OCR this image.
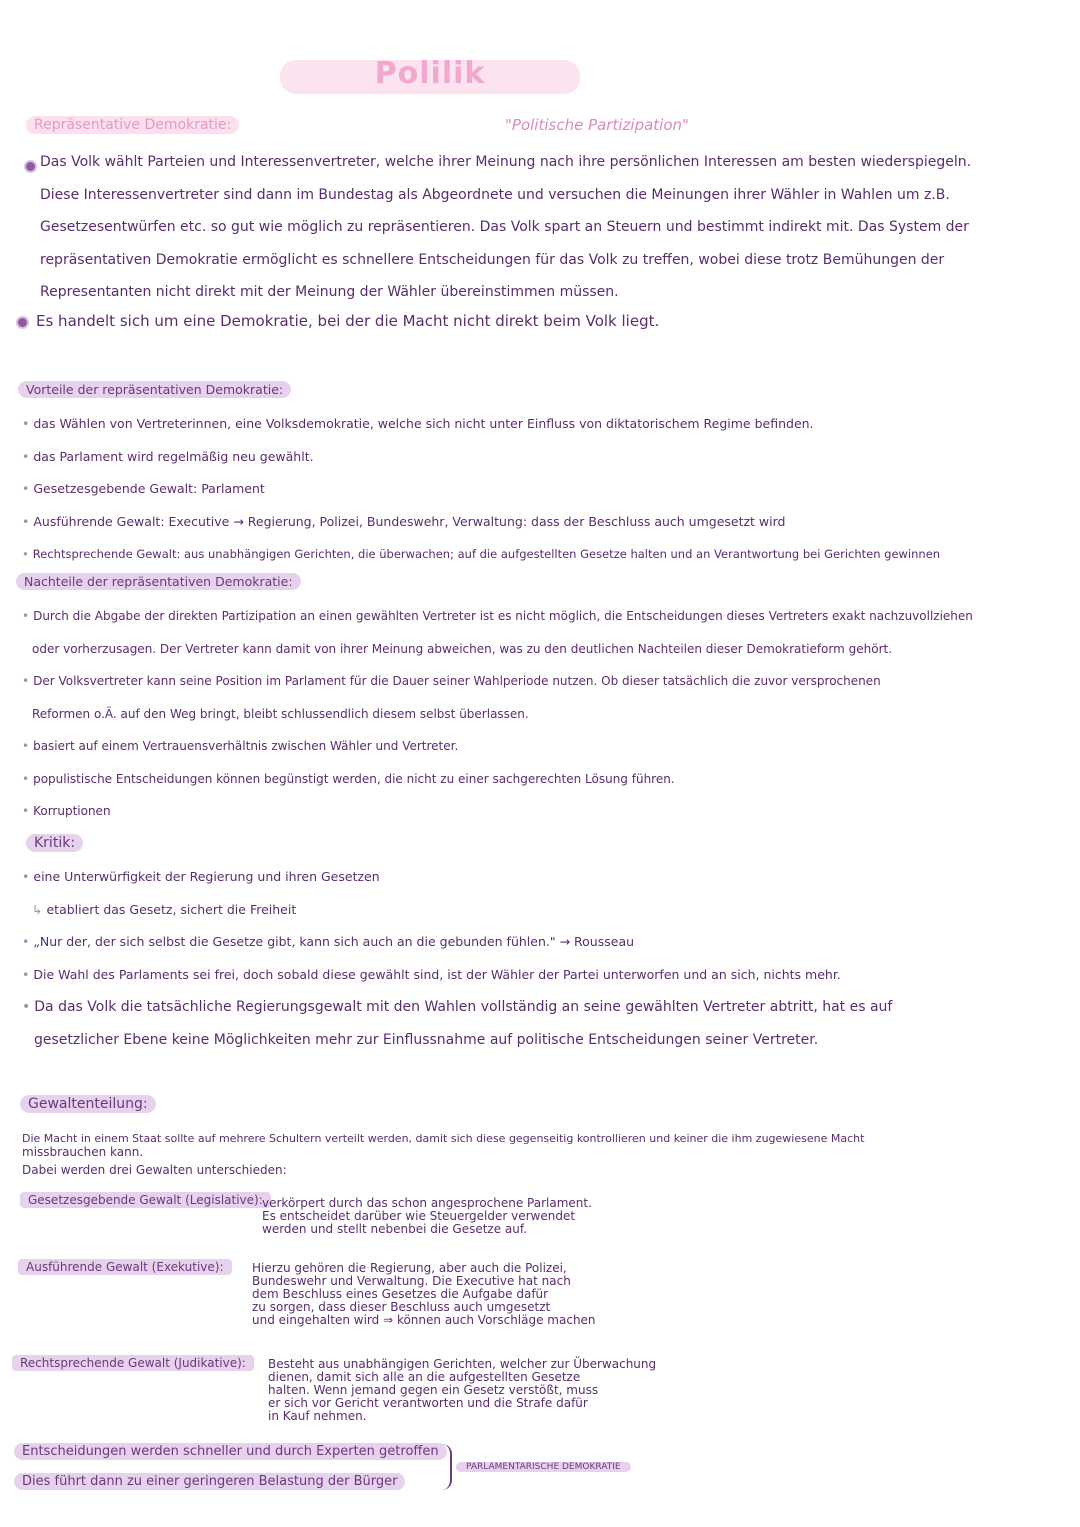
Polilik
"Politische Partizipation"
Repräsentative Demokratie:

Das Volk wählt Parteien und Interessenvertreter, welche ihrer Meinung nach ihre persönlichen Interessen am besten wiederspiegeln.

Diese Interessenvertreter sind dann im Bundestag als Abgeordnete und versuchen die Meinungen ihrer Wähler in Wahlen um z.B.

Gesetzesentwürfen etc. so gut wie möglich zu repräsentieren. Das Volk spart an Steuern und bestimmt indirekt mit. Das System der

repräsentativen Demokratie ermöglicht es schnellere Entscheidungen für das Volk zu treffen, wobei diese trotz Bemühungen der

Representanten nicht direkt mit der Meinung der Wähler übereinstimmen müssen.

Es handelt sich um eine Demokratie, bei der die Macht nicht direkt beim Volk liegt.
Vorteile der repräsentativen Demokratie:
• das Wählen von Vertreterinnen, eine Volksdemokratie, welche sich nicht unter Einfluss von diktatorischem Regime befinden.
• das Parlament wird regelmäßig neu gewählt.
• Gesetzesgebende Gewalt: Parlament
• Ausführende Gewalt: Executive → Regierung, Polizei, Bundeswehr, Verwaltung: dass der Beschluss auch umgesetzt wird
• Rechtsprechende Gewalt: aus unabhängigen Gerichten, die überwachen; auf die aufgestellten Gesetze halten und an Verantwortung bei Gerichten gewinnen
Nachteile der repräsentativen Demokratie:
• Durch die Abgabe der direkten Partizipation an einen gewählten Vertreter ist es nicht möglich, die Entscheidungen dieses Vertreters exakt nachzuvollziehen
oder vorherzusagen. Der Vertreter kann damit von ihrer Meinung abweichen, was zu den deutlichen Nachteilen dieser Demokratieform gehört.
• Der Volksvertreter kann seine Position im Parlament für die Dauer seiner Wahlperiode nutzen. Ob dieser tatsächlich die zuvor versprochenen
Reformen o.Ä. auf den Weg bringt, bleibt schlussendlich diesem selbst überlassen.
• basiert auf einem Vertrauensverhältnis zwischen Wähler und Vertreter.
• populistische Entscheidungen können begünstigt werden, die nicht zu einer sachgerechten Lösung führen.
• Korruptionen
Kritik:
• eine Unterwürfigkeit der Regierung und ihren Gesetzen
↳ etabliert das Gesetz, sichert die Freiheit
• „Nur der, der sich selbst die Gesetze gibt, kann sich auch an die gebunden fühlen." → Rousseau
• Die Wahl des Parlaments sei frei, doch sobald diese gewählt sind, ist der Wähler der Partei unterworfen und an sich, nichts mehr.
• Da das Volk die tatsächliche Regierungsgewalt mit den Wahlen vollständig an seine gewählten Vertreter abtritt, hat es auf
gesetzlicher Ebene keine Möglichkeiten mehr zur Einflussnahme auf politische Entscheidungen seiner Vertreter.
Gewaltenteilung:
Die Macht in einem Staat sollte auf mehrere Schultern verteilt werden, damit sich diese gegenseitig kontrollieren und keiner die ihm zugewiesene Macht
missbrauchen kann.
Dabei werden drei Gewalten unterschieden:
Gesetzesgebende Gewalt (Legislative): verkörpert durch das schon angesprochene Parlament.
Es entscheidet darüber wie Steuergelder verwendet
werden und stellt nebenbei die Gesetze auf.
Ausführende Gewalt (Exekutive):	Hierzu gehören die Regierung, aber auch die Polizei,
Bundeswehr und Verwaltung. Die Executive hat nach
dem Beschluss eines Gesetzes die Aufgabe dafür
zu sorgen, dass dieser Beschluss auch umgesetzt
und eingehalten wird ⇒ können auch Vorschläge machen
Rechtsprechende Gewalt (Judikative):	Besteht aus unabhängigen Gerichten, welcher zur Überwachung
dienen, damit sich alle an die aufgestellten Gesetze
halten. Wenn jemand gegen ein Gesetz verstößt, muss
er sich vor Gericht verantworten und die Strafe dafür
in Kauf nehmen.
Entscheidungen werden schneller und durch Experten getroffen
Dies führt dann zu einer geringeren Belastung der Bürger
PARLAMENTARISCHE DEMOKRATIE
